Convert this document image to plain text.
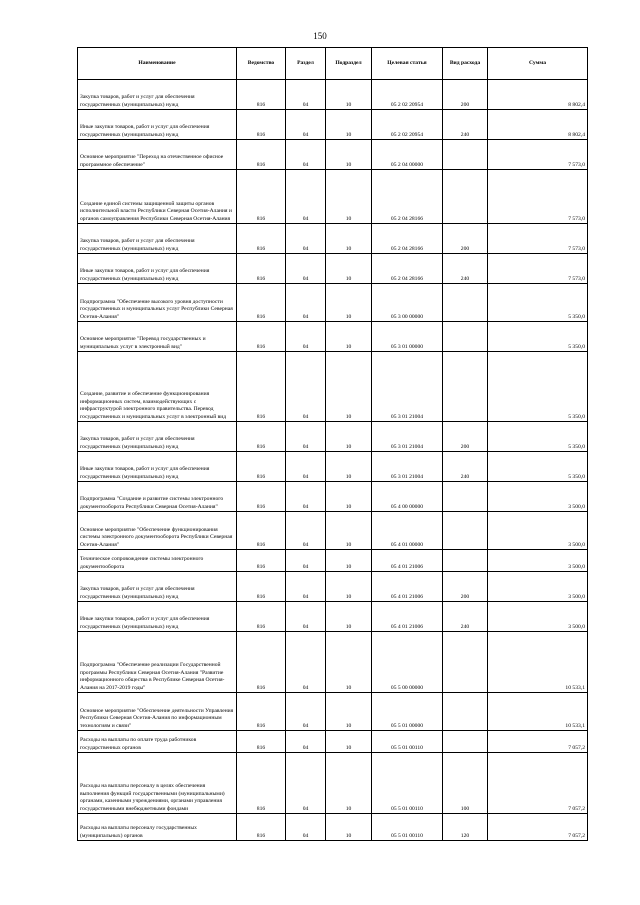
150
Наименование	Ведомство	Раздел	Подраздел	Целевая статья	Вид расхода	Сумма
Закупка товаров, работ и услуг для обеспечения государственных (муниципальных) нужд	816	04	10	05 2 02 20954	200	8 802,4
Иные закупки товаров, работ и услуг для обеспечения государственных (муниципальных) нужд	816	04	10	05 2 02 20954	240	8 802,4
Основное мероприятие "Переход на отечественное офисное программное обеспечение"	816	04	10	05 2 04 00000		7 573,0
Создание единой системы защищенной защиты органов исполнительной власти Республики Северная Осетия-Алания и органов самоуправления Республики Северная Осетия-Алания	816	04	10	05 2 04 28166		7 573,0
Закупка товаров, работ и услуг для обеспечения государственных (муниципальных) нужд	816	04	10	05 2 04 28166	200	7 573,0
Иные закупки товаров, работ и услуг для обеспечения государственных (муниципальных) нужд	816	04	10	05 2 04 28166	240	7 573,0
Подпрограмма "Обеспечение высокого уровня доступности государственных и муниципальных услуг Республики Северная Осетия-Алания"	816	04	10	05 3 00 00000		5 350,0
Основное мероприятие "Перевод государственных и муниципальных услуг в электронный вид"	816	04	10	05 3 01 00000		5 350,0
Создание, развитие и обеспечение функционирования информационных систем, взаимодействующих с инфраструктурой электронного правительства. Перевод государственных и муниципальных услуг в электронный вид	816	04	10	05 3 01 21004		5 350,0
Закупка товаров, работ и услуг для обеспечения государственных (муниципальных) нужд	816	04	10	05 3 01 21004	200	5 350,0
Иные закупки товаров, работ и услуг для обеспечения государственных (муниципальных) нужд	816	04	10	05 3 01 21004	240	5 350,0
Подпрограмма "Создание и развитие системы электронного документооборота Республики Северная Осетия-Алания"	816	04	10	05 4 00 00000		3 500,0
Основное мероприятие "Обеспечение функционирования системы электронного документооборота Республики Северная Осетия-Алания"	816	04	10	05 4 01 00000		3 500,0
Техническое сопровождение системы электронного документооборота	816	04	10	05 4 01 21006		3 500,0
Закупка товаров, работ и услуг для обеспечения государственных (муниципальных) нужд	816	04	10	05 4 01 21006	200	3 500,0
Иные закупки товаров, работ и услуг для обеспечения государственных (муниципальных) нужд	816	04	10	05 4 01 21006	240	3 500,0
Подпрограмма "Обеспечение реализации Государственной программы Республики Северная Осетия-Алания "Развитие информационного общества в Республике Северная Осетия-Алания на 2017-2019 годы"	816	04	10	05 5 00 00000		10 533,1
Основное мероприятие "Обеспечение деятельности Управления Республики Северная Осетия-Алания по информационным технологиям и связи"	816	04	10	05 5 01 00000		10 533,1
Расходы на выплаты по оплате труда работников государственных органов	816	04	10	05 5 01 00110		7 057,2
Расходы на выплаты персоналу в целях обеспечения выполнения функций государственными (муниципальными) органами, казенными учреждениями, органами управления государственными внебюджетными фондами	816	04	10	05 5 01 00110	100	7 057,2
Расходы на выплаты персоналу государственных (муниципальных) органов	816	04	10	05 5 01 00110	120	7 057,2
